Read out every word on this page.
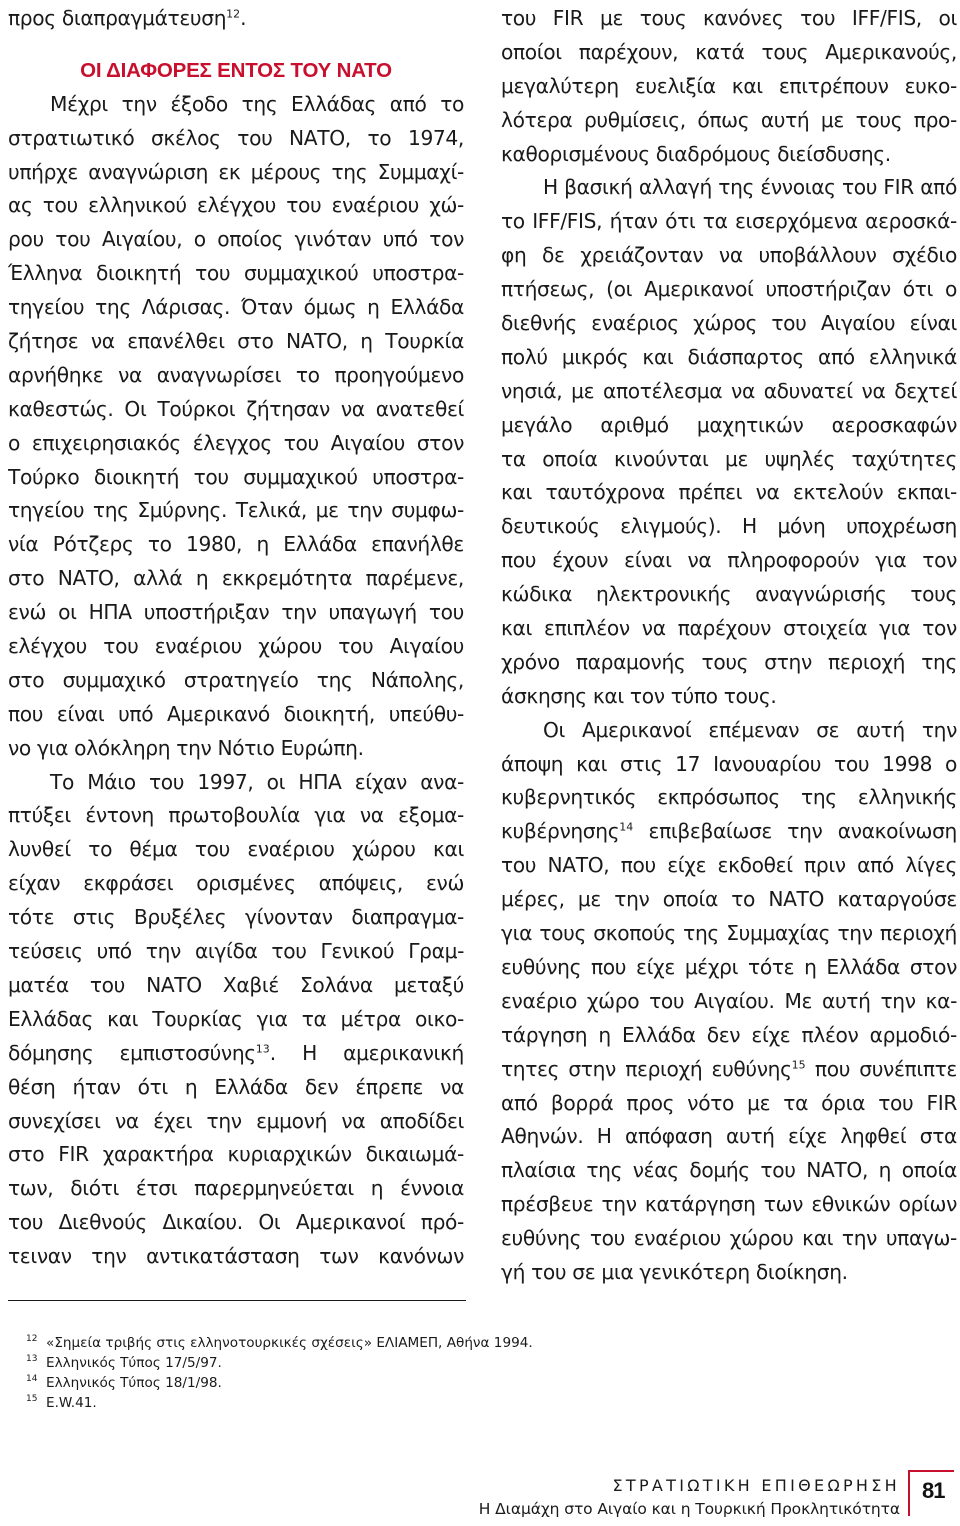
προς διαπραγμάτευση$^{12}$.
ΟΙ ΔΙΑΦΟΡΕΣ ΕΝΤΟΣ ΤΟΥ ΝΑΤΟ
Μέχρι την έξοδο της Ελλάδας από το
στρατιωτικό σκέλος του ΝΑΤΟ, το 1974,
υπήρχε αναγνώριση εκ μέρους της Συμμαχί-
ας του ελληνικού ελέγχου του εναέριου χώ-
ρου του Αιγαίου, ο οποίος γινόταν υπό τον
Έλληνα διοικητή του συμμαχικού υποστρα-
τηγείου της Λάρισας. Όταν όμως η Ελλάδα
ζήτησε να επανέλθει στο ΝΑΤΟ, η Τουρκία
αρνήθηκε να αναγνωρίσει το προηγούμενο
καθεστώς. Οι Τούρκοι ζήτησαν να ανατεθεί
ο επιχειρησιακός έλεγχος του Αιγαίου στον
Τούρκο διοικητή του συμμαχικού υποστρα-
τηγείου της Σμύρνης. Τελικά, με την συμφω-
νία Ρότζερς το 1980, η Ελλάδα επανήλθε
στο ΝΑΤΟ, αλλά η εκκρεμότητα παρέμενε,
ενώ οι ΗΠΑ υποστήριξαν την υπαγωγή του
ελέγχου του εναέριου χώρου του Αιγαίου
στο συμμαχικό στρατηγείο της Νάπολης,
που είναι υπό Αμερικανό διοικητή, υπεύθυ-
νο για ολόκληρη την Νότιο Ευρώπη.
Το Μάιο του 1997, οι ΗΠΑ είχαν ανα-
πτύξει έντονη πρωτοβουλία για να εξομα-
λυνθεί το θέμα του εναέριου χώρου και
είχαν εκφράσει ορισμένες απόψεις, ενώ
τότε στις Βρυξέλες γίνονταν διαπραγμα-
τεύσεις υπό την αιγίδα του Γενικού Γραμ-
ματέα του ΝΑΤΟ Χαβιέ Σολάνα μεταξύ
Ελλάδας και Τουρκίας για τα μέτρα οικο-
δόμησης εμπιστοσύνης$^{13}$. Η αμερικανική
θέση ήταν ότι η Ελλάδα δεν έπρεπε να
συνεχίσει να έχει την εμμονή να αποδίδει
στο FIR χαρακτήρα κυριαρχικών δικαιωμά-
των, διότι έτσι παρερμηνεύεται η έννοια
του Διεθνούς Δικαίου. Οι Αμερικανοί πρό-
τειναν την αντικατάσταση των κανόνων
του FIR με τους κανόνες του IFF/FIS, οι
οποίοι παρέχουν, κατά τους Αμερικανούς,
μεγαλύτερη ευελιξία και επιτρέπουν ευκο-
λότερα ρυθμίσεις, όπως αυτή με τους προ-
καθορισμένους διαδρόμους διείσδυσης.
Η βασική αλλαγή της έννοιας του FIR από
το IFF/FIS, ήταν ότι τα εισερχόμενα αεροσκά-
φη δε χρειάζονταν να υποβάλλουν σχέδιο
πτήσεως, (οι Αμερικανοί υποστήριζαν ότι ο
διεθνής εναέριος χώρος του Αιγαίου είναι
πολύ μικρός και διάσπαρτος από ελληνικά
νησιά, με αποτέλεσμα να αδυνατεί να δεχτεί
μεγάλο αριθμό μαχητικών αεροσκαφών
τα οποία κινούνται με υψηλές ταχύτητες
και ταυτόχρονα πρέπει να εκτελούν εκπαι-
δευτικούς ελιγμούς). Η μόνη υποχρέωση
που έχουν είναι να πληροφορούν για τον
κώδικα ηλεκτρονικής αναγνώρισής τους
και επιπλέον να παρέχουν στοιχεία για τον
χρόνο παραμονής τους στην περιοχή της
άσκησης και τον τύπο τους.
Οι Αμερικανοί επέμεναν σε αυτή την
άποψη και στις 17 Ιανουαρίου του 1998 ο
κυβερνητικός εκπρόσωπος της ελληνικής
κυβέρνησης$^{14}$ επιβεβαίωσε την ανακοίνωση
του ΝΑΤΟ, που είχε εκδοθεί πριν από λίγες
μέρες, με την οποία το ΝΑΤΟ καταργούσε
για τους σκοπούς της Συμμαχίας την περιοχή
ευθύνης που είχε μέχρι τότε η Ελλάδα στον
εναέριο χώρο του Αιγαίου. Με αυτή την κα-
τάργηση η Ελλάδα δεν είχε πλέον αρμοδιό-
τητες στην περιοχή ευθύνης$^{15}$ που συνέπιπτε
από βορρά προς νότο με τα όρια του FIR
Αθηνών. Η απόφαση αυτή είχε ληφθεί στα
πλαίσια της νέας δομής του ΝΑΤΟ, η οποία
πρέσβευε την κατάργηση των εθνικών ορίων
ευθύνης του εναέριου χώρου και την υπαγω-
γή του σε μια γενικότερη διοίκηση.
12 «Σημεία τριβής στις ελληνοτουρκικές σχέσεις» ΕΛΙΑΜΕΠ, Αθήνα 1994.
13 Ελληνικός Τύπος 17/5/97.
14 Ελληνικός Τύπος 18/1/98.
15 E.W.41.
ΣΤΡΑΤΙΩΤΙΚΗ ΕΠΙΘΕΩΡΗΣΗ
Η Διαμάχη στο Αιγαίο και η Τουρκική Προκλητικότητα
81
